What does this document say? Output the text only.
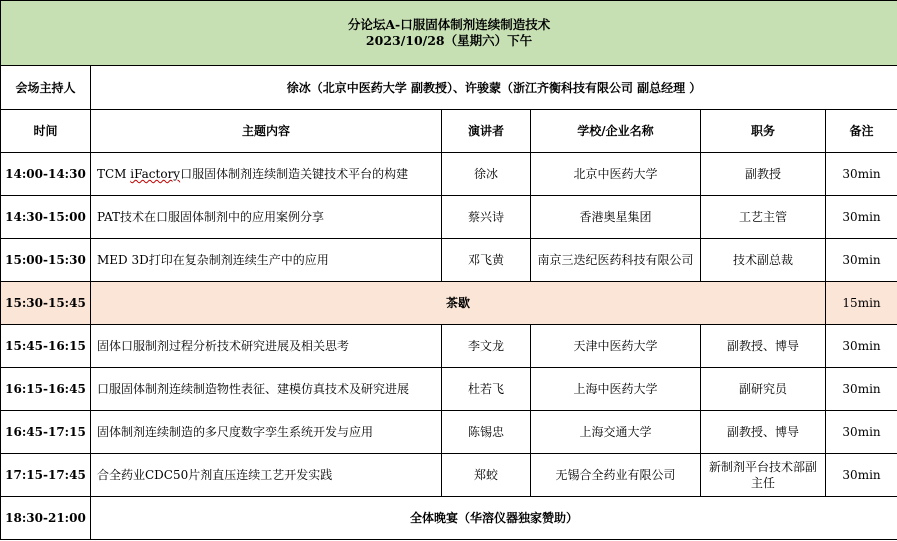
分论坛A-口服固体制剂连续制造技术
2023/10/28（星期六）下午					

会场主持人	徐冰（北京中医药大学 副教授）、许骏蒙（浙江齐衡科技有限公司 副总经理 ）				
时间	主题内容	演讲者	学校/企业名称	职务	备注
14:00-14:30	TCM iFactory口服固体制剂连续制造关键技术平台的构建	徐冰	北京中医药大学	副教授	30min
14:30-15:00	PAT技术在口服固体制剂中的应用案例分享	蔡兴诗	香港奥星集团	工艺主管	30min
15:00-15:30	MED 3D打印在复杂制剂连续生产中的应用	邓飞黄	南京三迭纪医药科技有限公司	技术副总裁	30min
15:30-15:45	茶歇				15min
15:45-16:15	固体口服制剂过程分析技术研究进展及相关思考	李文龙	天津中医药大学	副教授、博导	30min
16:15-16:45	口服固体制剂连续制造物性表征、建模仿真技术及研究进展	杜若飞	上海中医药大学	副研究员	30min
16:45-17:15	固体制剂连续制造的多尺度数字孪生系统开发与应用	陈锡忠	上海交通大学	副教授、博导	30min
17:15-17:45	合全药业CDC50片剂直压连续工艺开发实践	郑蛟	无锡合全药业有限公司	新制剂平台技术部副主任	30min
18:30-21:00	全体晚宴（华溶仪器独家赞助）				
